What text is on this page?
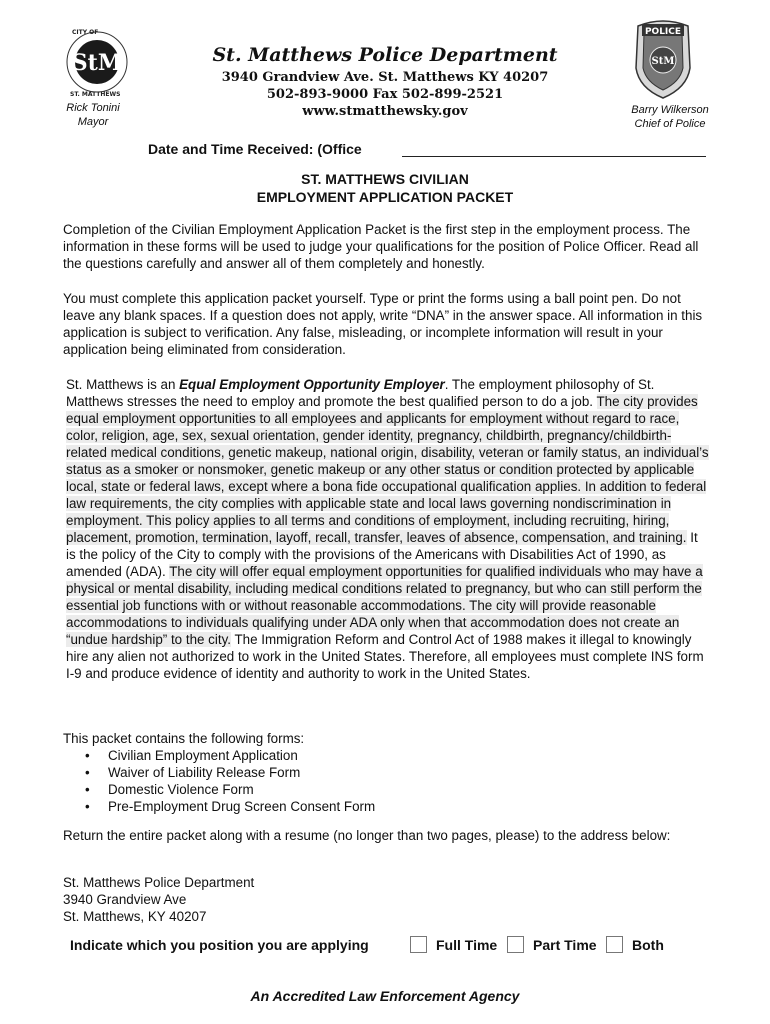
StM
CITY OF
ST. MATTHEWS
Rick Tonini
Mayor
POLICE
StM
Barry Wilkerson
Chief of Police
St. Matthews Police Department
3940 Grandview Ave. St. Matthews KY 40207
502-893-9000 Fax 502-899-2521
www.stmatthewsky.gov
Date and Time Received: (Office
ST. MATTHEWS CIVILIAN
EMPLOYMENT APPLICATION PACKET
Completion of the Civilian Employment Application Packet is the first step in the employment process. The information in these forms will be used to judge your qualifications for the position of Police Officer. Read all the questions carefully and answer all of them completely and honestly.
You must complete this application packet yourself. Type or print the forms using a ball point pen. Do not leave any blank spaces. If a question does not apply, write “DNA” in the answer space. All information in this application is subject to verification. Any false, misleading, or incomplete information will result in your application being eliminated from consideration.
St. Matthews is an Equal Employment Opportunity Employer. The employment philosophy of St. Matthews stresses the need to employ and promote the best qualified person to do a job. The city provides equal employment opportunities to all employees and applicants for employment without regard to race, color, religion, age, sex, sexual orientation, gender identity, pregnancy, childbirth, pregnancy/childbirth-related medical conditions, genetic makeup, national origin, disability, veteran or family status, an individual’s status as a smoker or nonsmoker, genetic makeup or any other status or condition protected by applicable local, state or federal laws, except where a bona fide occupational qualification applies. In addition to federal law requirements, the city complies with applicable state and local laws governing nondiscrimination in employment. This policy applies to all terms and conditions of employment, including recruiting, hiring, placement, promotion, termination, layoff, recall, transfer, leaves of absence, compensation, and training. It is the policy of the City to comply with the provisions of the Americans with Disabilities Act of 1990, as amended (ADA). The city will offer equal employment opportunities for qualified individuals who may have a physical or mental disability, including medical conditions related to pregnancy, but who can still perform the essential job functions with or without reasonable accommodations. The city will provide reasonable accommodations to individuals qualifying under ADA only when that accommodation does not create an “undue hardship” to the city. The Immigration Reform and Control Act of 1988 makes it illegal to knowingly hire any alien not authorized to work in the United States. Therefore, all employees must complete INS form I-9 and produce evidence of identity and authority to work in the United States.
This packet contains the following forms:
• Civilian Employment Application
• Waiver of Liability Release Form
• Domestic Violence Form
• Pre-Employment Drug Screen Consent Form
Return the entire packet along with a resume (no longer than two pages, please) to the address below:
St. Matthews Police Department
3940 Grandview Ave
St. Matthews, KY 40207
Indicate which you position you are applying	Full Time	Part Time	Both
An Accredited Law Enforcement Agency
